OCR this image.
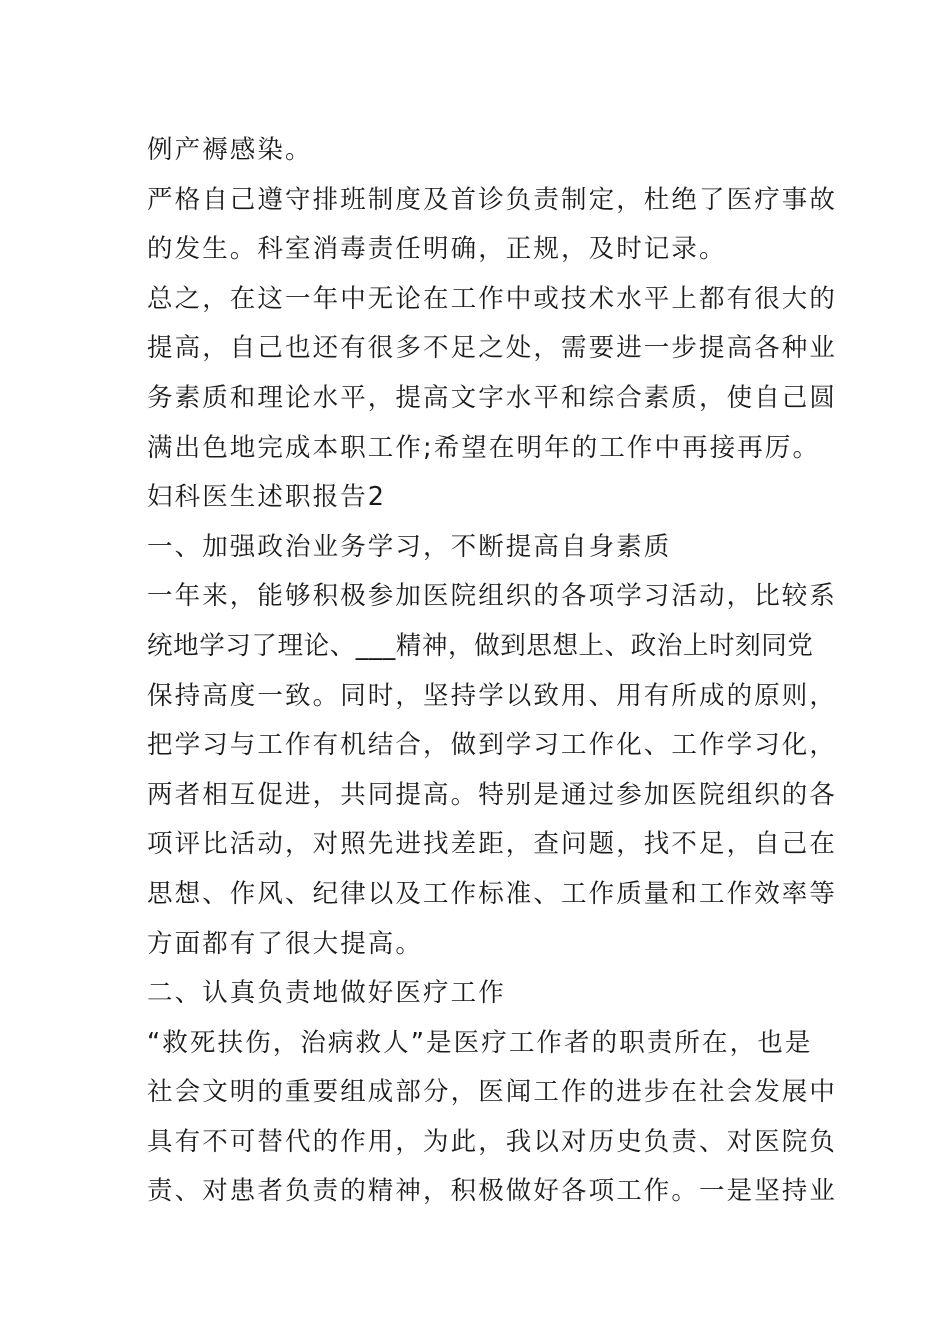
例产褥感染。
严格自己遵守排班制度及首诊负责制定，杜绝了医疗事故
的发生。科室消毒责任明确，正规，及时记录。
总之，在这一年中无论在工作中或技术水平上都有很大的
提高，自己也还有很多不足之处，需要进一步提高各种业
务素质和理论水平，提高文字水平和综合素质，使自己圆
满出色地完成本职工作;希望在明年的工作中再接再厉。
妇科医生述职报告2
一、加强政治业务学习，不断提高自身素质
一年来，能够积极参加医院组织的各项学习活动，比较系
统地学习了理论、___精神，做到思想上、政治上时刻同党
保持高度一致。同时，坚持学以致用、用有所成的原则，
把学习与工作有机结合，做到学习工作化、工作学习化，
两者相互促进，共同提高。特别是通过参加医院组织的各
项评比活动，对照先进找差距，查问题，找不足，自己在
思想、作风、纪律以及工作标准、工作质量和工作效率等
方面都有了很大提高。
二、认真负责地做好医疗工作
“救死扶伤，治病救人”是医疗工作者的职责所在，也是
社会文明的重要组成部分，医闻工作的进步在社会发展中
具有不可替代的作用，为此，我以对历史负责、对医院负
责、对患者负责的精神，积极做好各项工作。一是坚持业
